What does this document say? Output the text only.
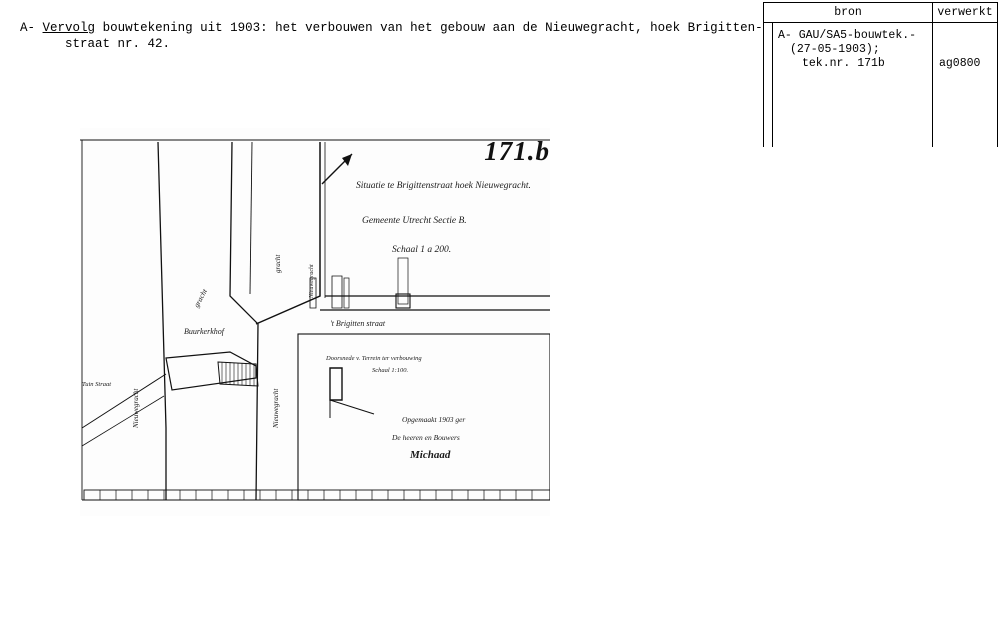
A- Vervolg bouwtekening uit 1903: het verbouwen van het gebouw aan de Nieuwegracht, hoek Brigitten-
straat nr. 42.
bron	verwerkt
A- GAU/SA5-bouwtek.-
(27-05-1903);
tek.nr. 171b	ag0800
Situatie te Brigittenstraat hoek Nieuwegracht.
Gemeente Utrecht Sectie B.
Schaal 1 a 200.
't Brigitten straat
Buurkerkhof
Doorsnede v. Terrein ter verbouwing
Schaal 1:100.
Opgemaakt 1903 ger
De heeren en Bouwers
Michaad
gracht
gracht
Nieuwegracht
Nieuwegracht	Nieuwegracht
Tuin Straat
171.b
